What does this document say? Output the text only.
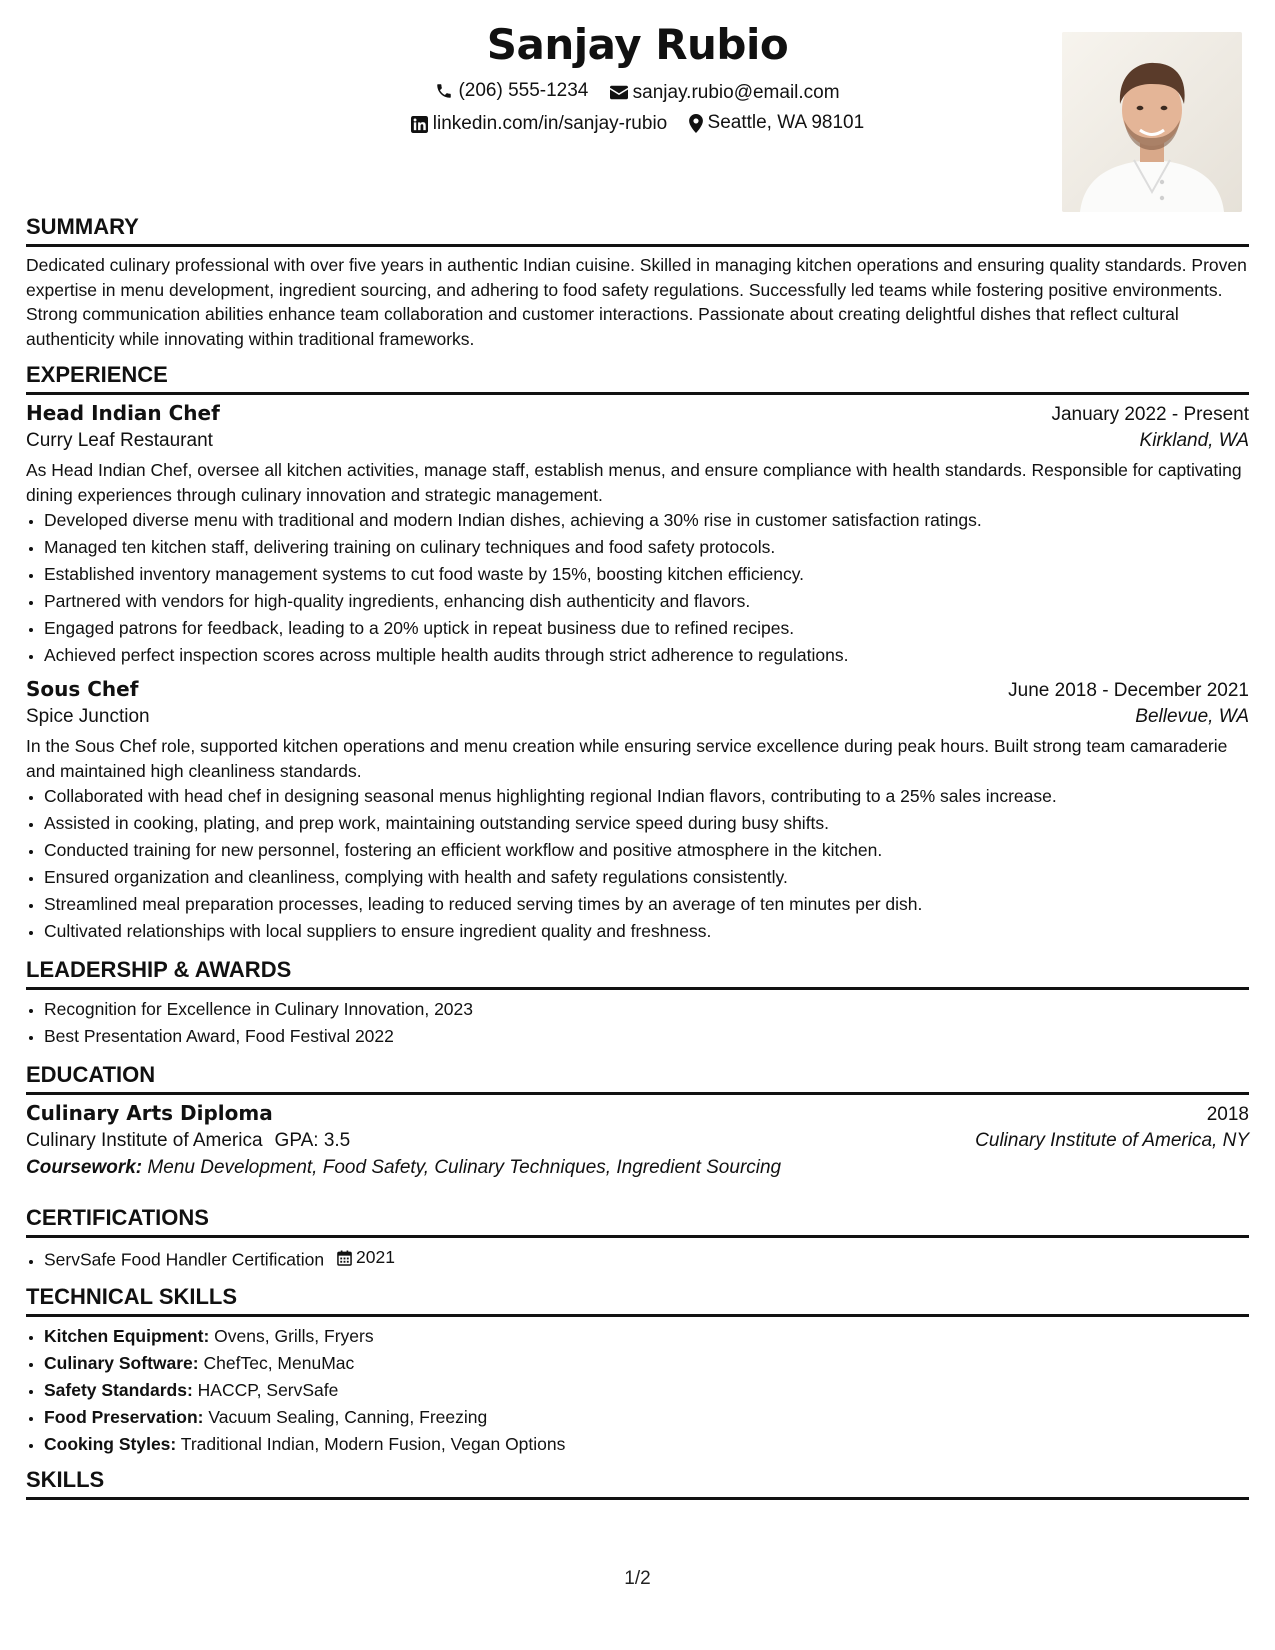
Sanjay Rubio
(206) 555-1234
sanjay.rubio@email.com
linkedin.com/in/sanjay-rubio
Seattle, WA 98101
SUMMARY

Dedicated culinary professional with over five years in authentic Indian cuisine. Skilled in managing kitchen operations and ensuring quality standards. Proven expertise in menu development, ingredient sourcing, and adhering to food safety regulations. Successfully led teams while fostering positive environments. Strong communication abilities enhance team collaboration and customer interactions. Passionate about creating delightful dishes that reflect cultural authenticity while innovating within traditional frameworks.

EXPERIENCE
Head Indian Chef	January 2022 - Present
Curry Leaf Restaurant	Kirkland, WA

As Head Indian Chef, oversee all kitchen activities, manage staff, establish menus, and ensure compliance with health standards. Responsible for captivating dining experiences through culinary innovation and strategic management.

• Developed diverse menu with traditional and modern Indian dishes, achieving a 30% rise in customer satisfaction ratings.
• Managed ten kitchen staff, delivering training on culinary techniques and food safety protocols.
• Established inventory management systems to cut food waste by 15%, boosting kitchen efficiency.
• Partnered with vendors for high-quality ingredients, enhancing dish authenticity and flavors.
• Engaged patrons for feedback, leading to a 20% uptick in repeat business due to refined recipes.
• Achieved perfect inspection scores across multiple health audits through strict adherence to regulations.
Sous Chef	June 2018 - December 2021
Spice Junction	Bellevue, WA

In the Sous Chef role, supported kitchen operations and menu creation while ensuring service excellence during peak hours. Built strong team camaraderie and maintained high cleanliness standards.

• Collaborated with head chef in designing seasonal menus highlighting regional Indian flavors, contributing to a 25% sales increase.
• Assisted in cooking, plating, and prep work, maintaining outstanding service speed during busy shifts.
• Conducted training for new personnel, fostering an efficient workflow and positive atmosphere in the kitchen.
• Ensured organization and cleanliness, complying with health and safety regulations consistently.
• Streamlined meal preparation processes, leading to reduced serving times by an average of ten minutes per dish.
• Cultivated relationships with local suppliers to ensure ingredient quality and freshness.
LEADERSHIP & AWARDS
• Recognition for Excellence in Culinary Innovation, 2023
• Best Presentation Award, Food Festival 2022
EDUCATION
Culinary Arts Diploma	2018
Culinary Institute of America GPA: 3.5	Culinary Institute of America, NY
Coursework: Menu Development, Food Safety, Culinary Techniques, Ingredient Sourcing
CERTIFICATIONS
• ServSafe Food Handler Certification 2021
TECHNICAL SKILLS
• Kitchen Equipment: Ovens, Grills, Fryers
• Culinary Software: ChefTec, MenuMac
• Safety Standards: HACCP, ServSafe
• Food Preservation: Vacuum Sealing, Canning, Freezing
• Cooking Styles: Traditional Indian, Modern Fusion, Vegan Options
SKILLS
1/2
